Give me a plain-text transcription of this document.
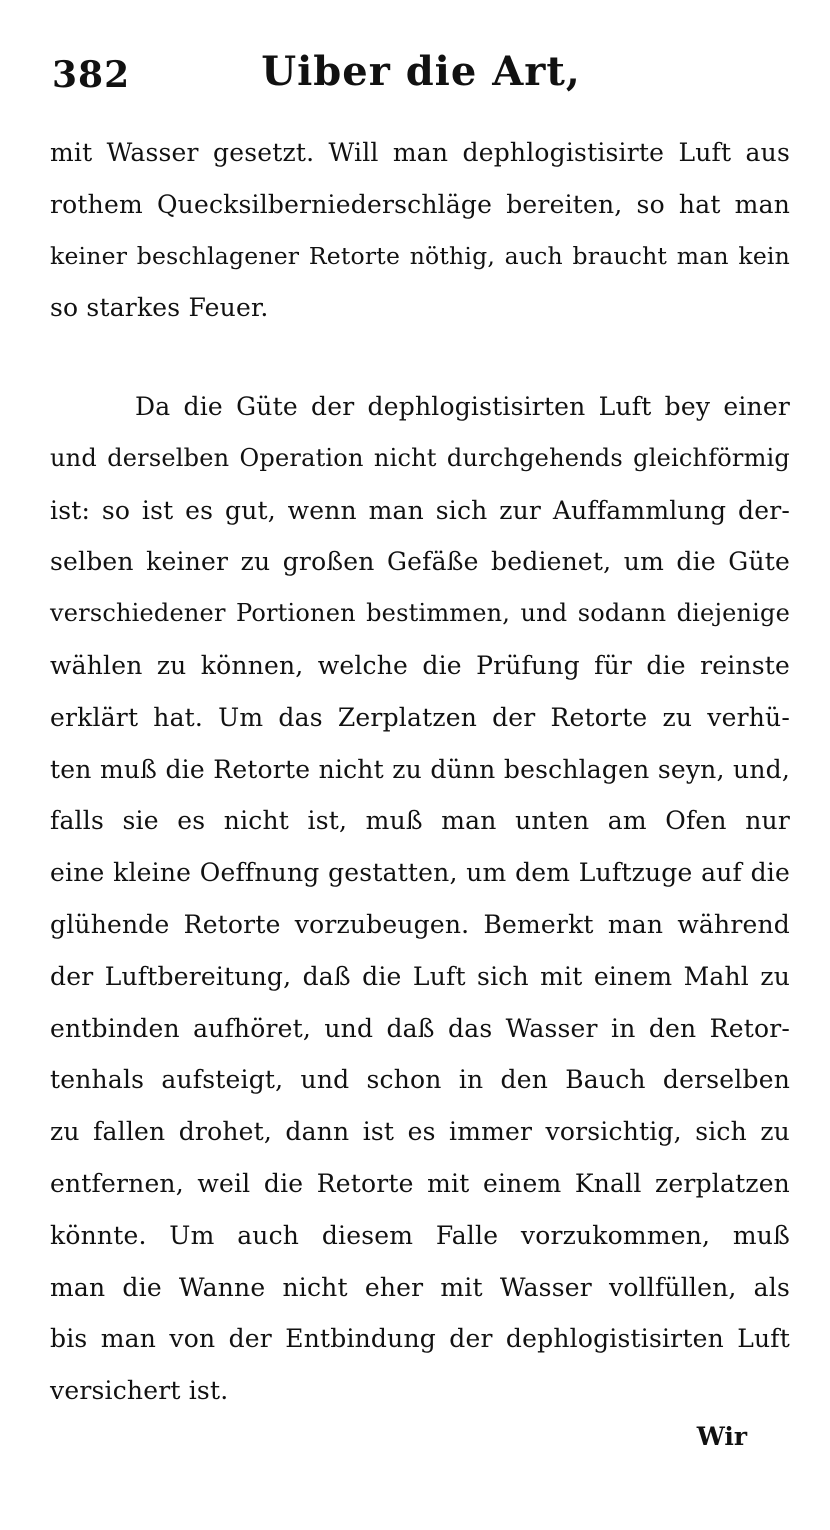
382	Uiber die Art,
mit Wasser gesetzt. Will man dephlogistisirte Luft aus
rothem Quecksilberniederschläge bereiten, so hat man
keiner beschlagener Retorte nöthig, auch braucht man kein
so starkes Feuer.
Da die Güte der dephlogistisirten Luft bey einer
und derselben Operation nicht durchgehends gleichförmig
ist: so ist es gut, wenn man sich zur Auffammlung der-
selben keiner zu großen Gefäße bedienet, um die Güte
verschiedener Portionen bestimmen, und sodann diejenige
wählen zu können, welche die Prüfung für die reinste
erklärt hat. Um das Zerplatzen der Retorte zu verhü-
ten muß die Retorte nicht zu dünn beschlagen seyn, und,
falls sie es nicht ist, muß man unten am Ofen nur
eine kleine Oeffnung gestatten, um dem Luftzuge auf die
glühende Retorte vorzubeugen. Bemerkt man während
der Luftbereitung, daß die Luft sich mit einem Mahl zu
entbinden aufhöret, und daß das Wasser in den Retor-
tenhals aufsteigt, und schon in den Bauch derselben
zu fallen drohet, dann ist es immer vorsichtig, sich zu
entfernen, weil die Retorte mit einem Knall zerplatzen
könnte. Um auch diesem Falle vorzukommen, muß
man die Wanne nicht eher mit Wasser vollfüllen, als
bis man von der Entbindung der dephlogistisirten Luft
versichert ist.
Wir
